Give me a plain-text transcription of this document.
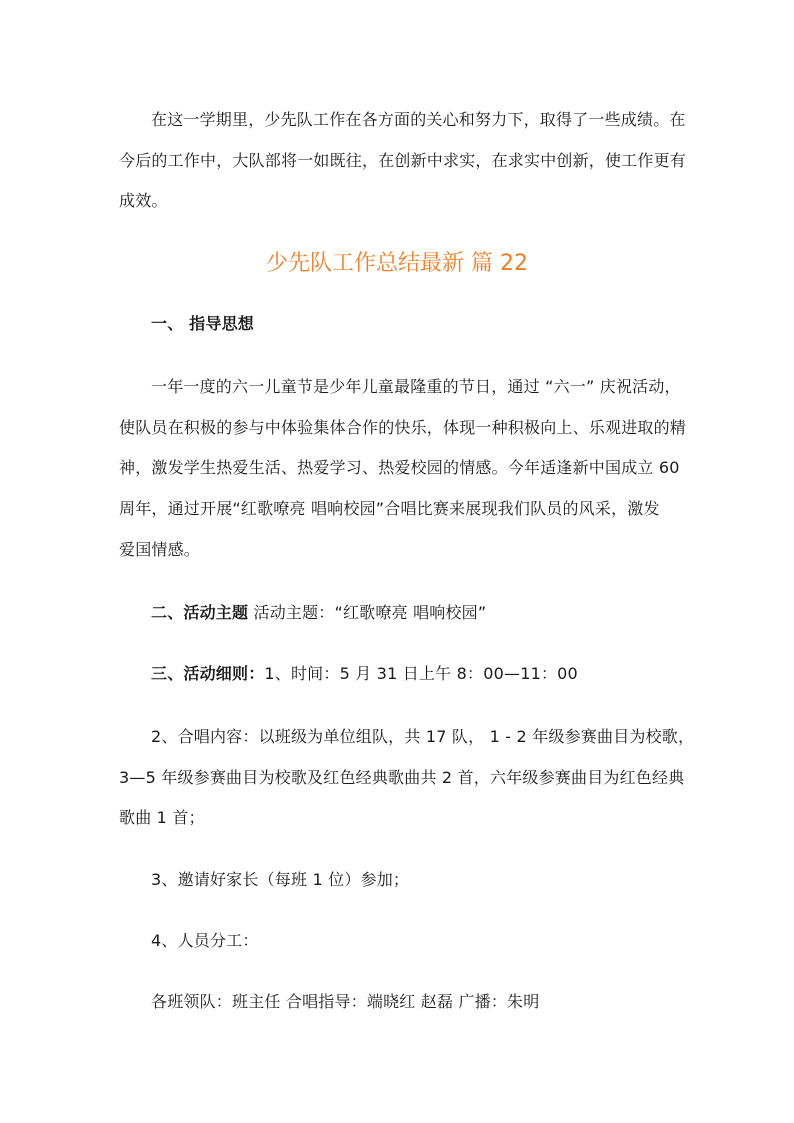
在这一学期里，少先队工作在各方面的关心和努力下，取得了一些成绩。在
今后的工作中，大队部将一如既往，在创新中求实，在求实中创新，使工作更有
成效。
少先队工作总结最新 篇 22
一、 指导思想
一年一度的六一儿童节是少年儿童最隆重的节日，通过 “六一” 庆祝活动，
使队员在积极的参与中体验集体合作的快乐，体现一种积极向上、乐观进取的精
神，激发学生热爱生活、热爱学习、热爱校园的情感。今年适逢新中国成立 60
周年，通过开展“红歌嘹亮 唱响校园”合唱比赛来展现我们队员的风采，激发
爱国情感。
二、活动主题 活动主题：“红歌嘹亮 唱响校园”
三、活动细则：1、时间：5 月 31 日上午 8：00—11：00
2、合唱内容：以班级为单位组队，共 17 队， 1 - 2 年级参赛曲目为校歌，
3—5 年级参赛曲目为校歌及红色经典歌曲共 2 首，六年级参赛曲目为红色经典
歌曲 1 首；
3、邀请好家长（每班 1 位）参加；
4、人员分工：
各班领队：班主任 合唱指导：端晓红 赵磊 广播：朱明
